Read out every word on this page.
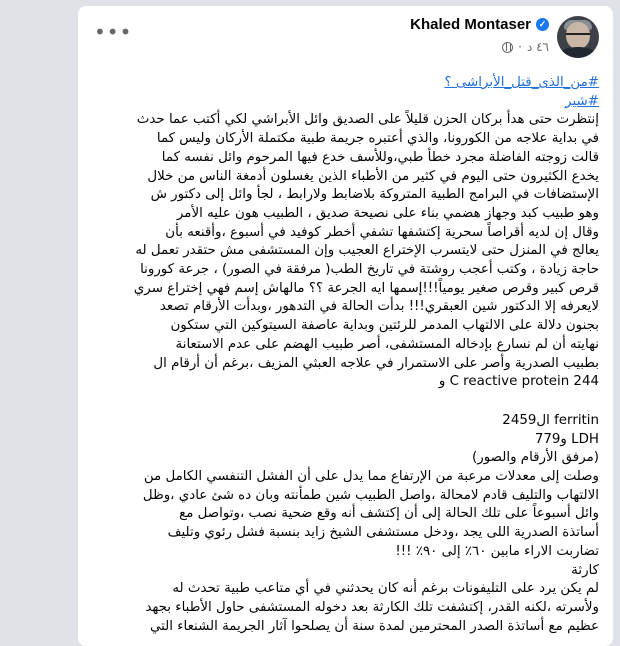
Khaled Montaser ✓
٤٦ د
·
•••

#من_الذى_قتل_الأبراشى ؟

#شير

إنتظرت حتى هدأ بركان الحزن قليلاً على الصديق وائل الأبراشي لكي أكتب عما حدث

في بداية علاجه من الكورونا، والذي أعتبره جريمة طبية مكتملة الأركان وليس كما

قالت زوجته الفاضلة مجرد خطأ طبي،وللأسف خدع فيها المرحوم وائل نفسه كما

يخدع الكثيرون حتى اليوم في كثير من الأطباء الذين يغسلون أدمغة الناس من خلال

الإستضافات في البرامج الطبية المتروكة بلاضابط ولارابط ، لجأ وائل إلى دكتور ش

وهو طبيب كبد وجهاز هضمي بناء على نصيحة صديق ، الطبيب هون عليه الأمر

وقال إن لديه أقراصاً سحرية إكتشفها تشفي أخطر كوفيد في أسبوع ،وأقنعه بأن

يعالج في المنزل حتى لايتسرب الإختراع العجيب وإن المستشفى مش حتقدر تعمل له

حاجة زيادة ، وكتب أعجب روشتة في تاريخ الطب( مرفقة في الصور) ، جرعة كورونا

قرص كبير وقرص صغير يومياً!!!إسمها ايه الجرعة ؟؟ مالهاش إسم فهي إختراع سري

لايعرفه إلا الدكتور شين العبقري!!! بدأت الحالة في التدهور ،وبدأت الأرقام تصعد

بجنون دلالة على الالتهاب المدمر للرئتين وبداية عاصفة السيتوكين التي ستكون

نهايته أن لم نسارع بإدخاله المستشفى، أصر طبيب الهضم على عدم الاستعانة

بطبيب الصدرية وأصر على الاستمرار في علاجه العبثي المزيف ،برغم أن أرقام ال

C reactive protein 244 و

ferritin ال2459

LDH و779

(مرفق الأرقام والصور)

وصلت إلى معدلات مرعبة من الإرتفاع مما يدل على أن الفشل التنفسي الكامل من

الالتهاب والتليف قادم لامحالة ،واصل الطبيب شين طمأنته وبان ده شئ عادي ،وظل

وائل أسبوعاً على تلك الحالة إلى أن إكتشف أنه وقع ضحية نصب ،وتواصل مع

أساتذة الصدرية اللى يجد ،ودخل مستشفى الشيخ زايد بنسبة فشل رئوي وتليف

تضاربت الاراء مابين ٦٠٪ إلى ٩٠٪ !!!

كارثة

لم يكن يرد على التليفونات برغم أنه كان يحدثني في أي متاعب طبية تحدث له

ولأسرته ،لكنه القدر، إكتشفت تلك الكارثة بعد دخوله المستشفى حاول الأطباء بجهد

عظيم مع أساتذة الصدر المحترمين لمدة سنة أن يصلحوا آثار الجريمة الشنعاء التي
